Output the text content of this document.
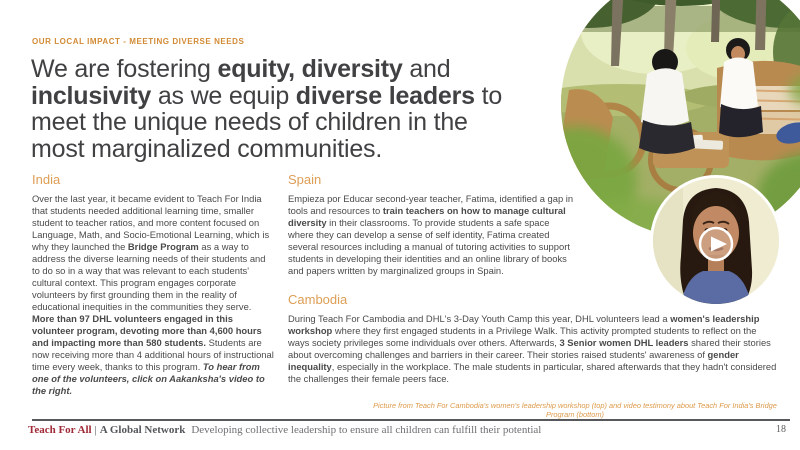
OUR LOCAL IMPACT - MEETING DIVERSE NEEDS
We are fostering equity, diversity and
inclusivity as we equip diverse leaders to
meet the unique needs of children in the
most marginalized communities.
India

Over the last year, it became evident to Teach For India that students needed additional learning time, smaller student to teacher ratios, and more content focused on Language, Math, and Socio-Emotional Learning, which is why they launched the Bridge Program as a way to address the diverse learning needs of their students and to do so in a way that was relevant to each students' cultural context. This program engages corporate volunteers by first grounding them in the reality of educational inequities in the communities they serve. More than 97 DHL volunteers engaged in this volunteer program, devoting more than 4,600 hours and impacting more than 580 students. Students are now receiving more than 4 additional hours of instructional time every week, thanks to this program. To hear from one of the volunteers, click on Aakanksha's video to the right.

Spain

Empieza por Educar second-year teacher, Fatima, identified a gap in tools and resources to train teachers on how to manage cultural diversity in their classrooms. To provide students a safe space where they can develop a sense of self identity, Fatima created several resources including a manual of tutoring activities to support students in developing their identities and an online library of books and papers written by marginalized groups in Spain.

Cambodia

During Teach For Cambodia and DHL's 3-Day Youth Camp this year, DHL volunteers lead a women's leadership workshop where they first engaged students in a Privilege Walk. This activity prompted students to reflect on the ways society privileges some individuals over others. Afterwards, 3 Senior women DHL leaders shared their stories about overcoming challenges and barriers in their career. Their stories raised students' awareness of gender inequality, especially in the workplace. The male students in particular, shared afterwards that they hadn't considered the challenges their female peers face.

Picture from Teach For Cambodia's women's leadership workshop (top) and video testimony about Teach For India's Bridge Program (bottom)
Teach For All | A Global Network Developing collective leadership to ensure all children can fulfill their potential	18
